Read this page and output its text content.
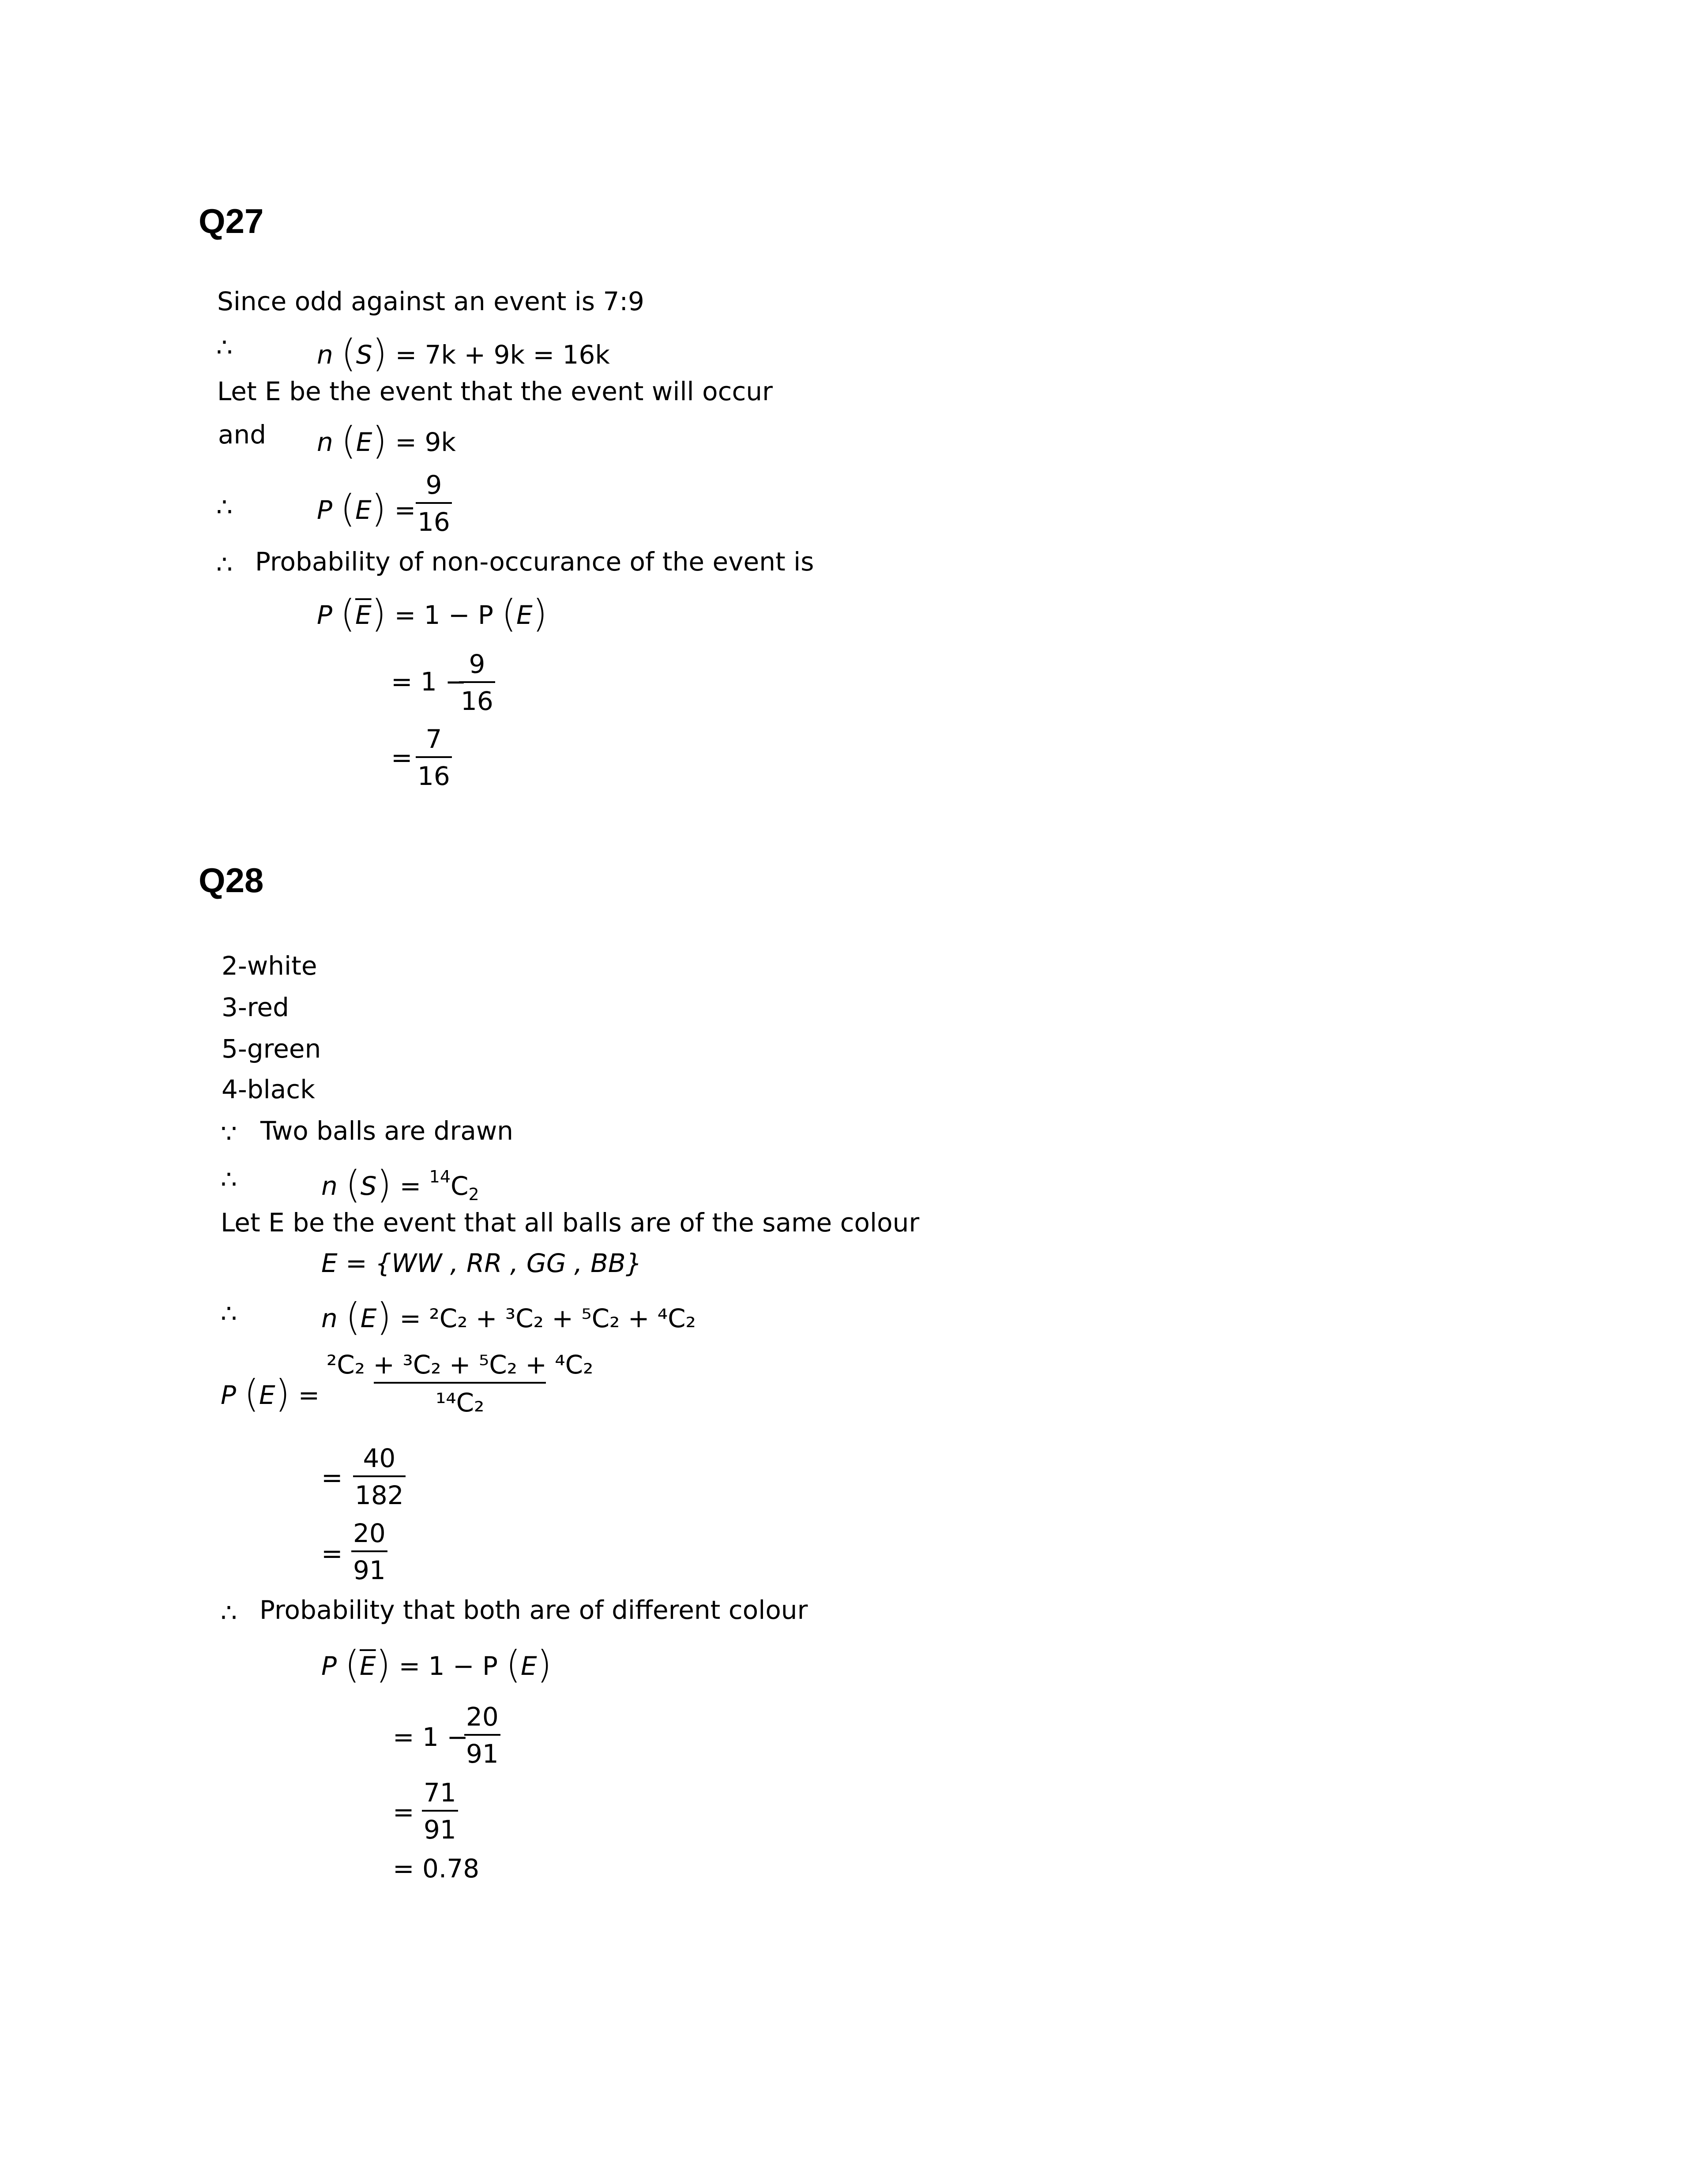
Q27
Since odd against an event is 7:9
∴	n (S) = 7k + 9k = 16k
Let E be the event that the event will occur
and n (E) = 9k
∴	P $(E) = \frac{9}{16}$
∴ Probability of non-occurance of the event is
P $(\overline{E}) = 1 - P$ (E)
= 1 −
$\frac{9}{16}$
= $\frac{7}{16}$
Q28
2-white
3-red
5-green
4-black
∵ Two balls are drawn
∴	n $(S) = ^{14}C_2$
Let E be the event that all balls are of the same colour
E = {WW , RR , GG , BB}
∴	n (E) = ²C₂ + ³C₂ + ⁵C₂ + ⁴C₂
P $(E) = \frac{\text{²C₂ + ³C₂ + ⁵C₂ + ⁴C₂}}{\text{¹⁴C₂}}$
= $\frac{40}{182}$
= $\frac{20}{91}$
∴ Probability that both are of different colour
P $(\overline{E}) = 1 - P$ (E)
= 1 −
$\frac{20}{91}$
= $\frac{71}{91}$
= 0.78
